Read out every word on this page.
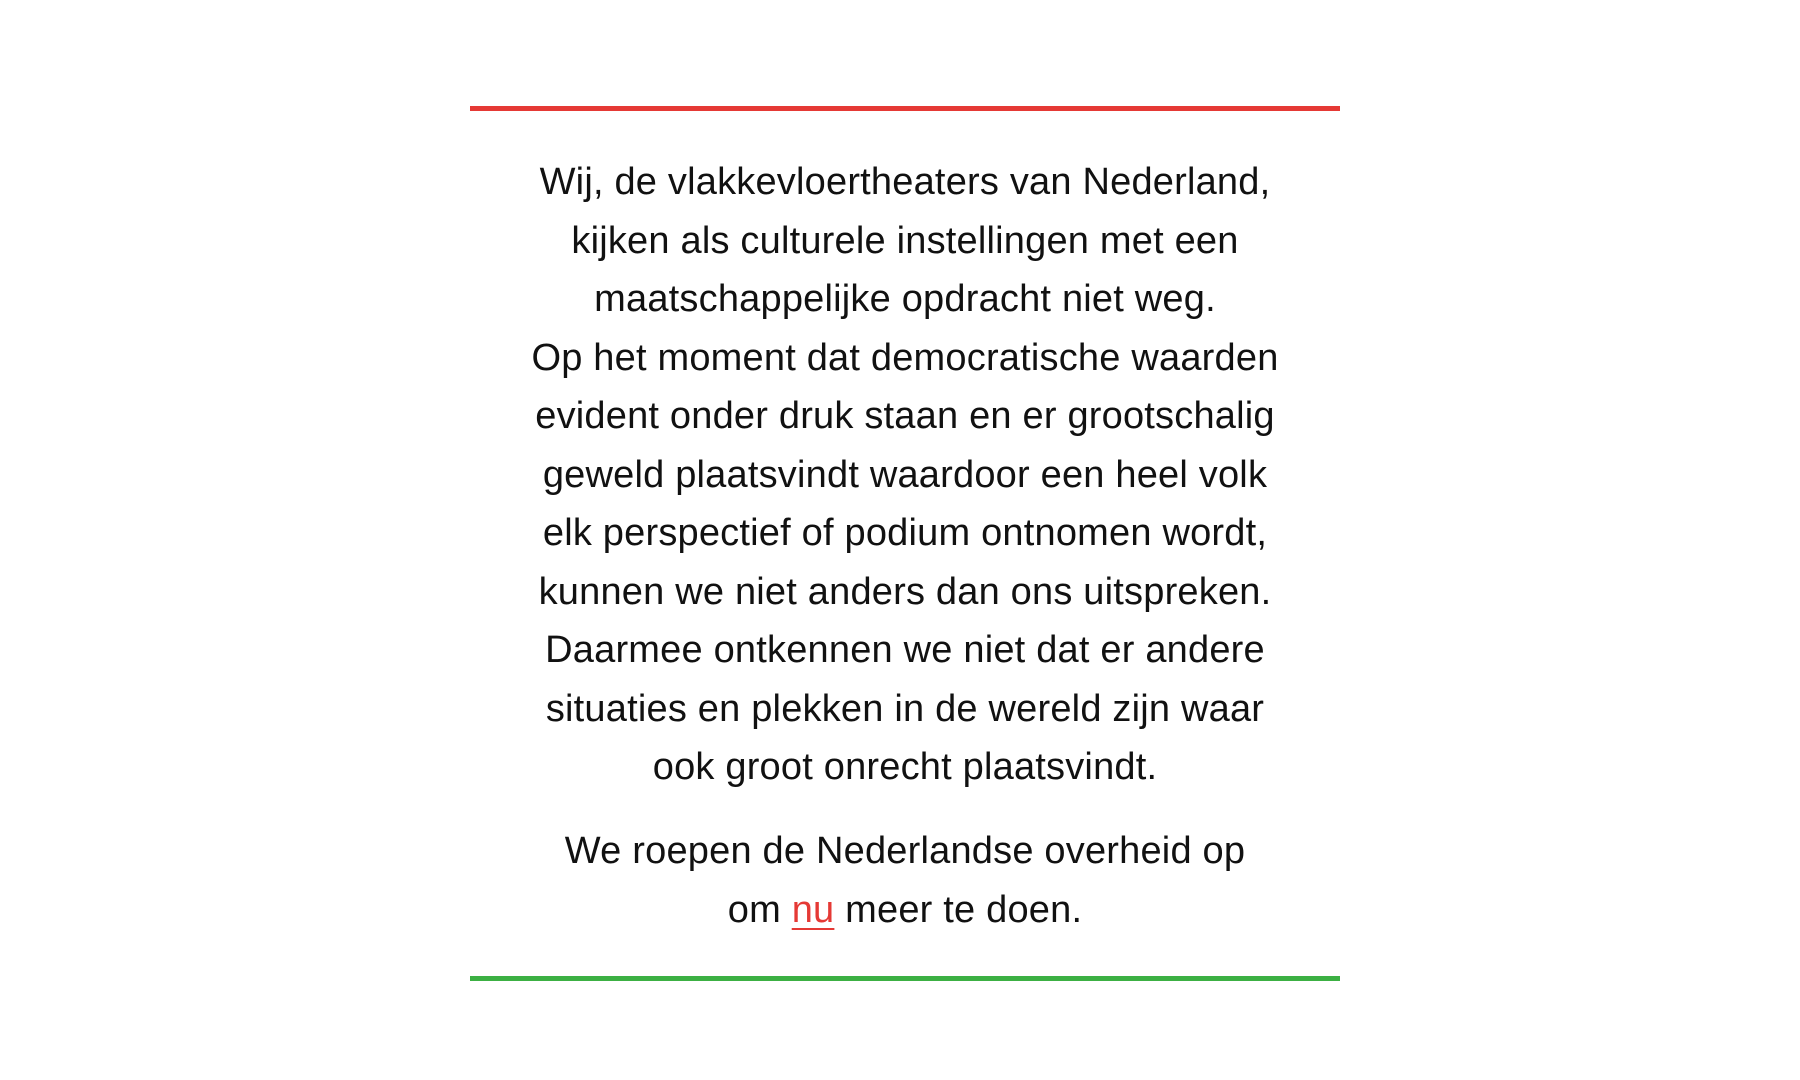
Wij, de vlakkevloertheaters van Nederland,
kijken als culturele instellingen met een
maatschappelijke opdracht niet weg.
Op het moment dat democratische waarden
evident onder druk staan en er grootschalig
geweld plaatsvindt waardoor een heel volk
elk perspectief of podium ontnomen wordt,
kunnen we niet anders dan ons uitspreken.
Daarmee ontkennen we niet dat er andere
situaties en plekken in de wereld zijn waar
ook groot onrecht plaatsvindt.
We roepen de Nederlandse overheid op
om nu meer te doen.
